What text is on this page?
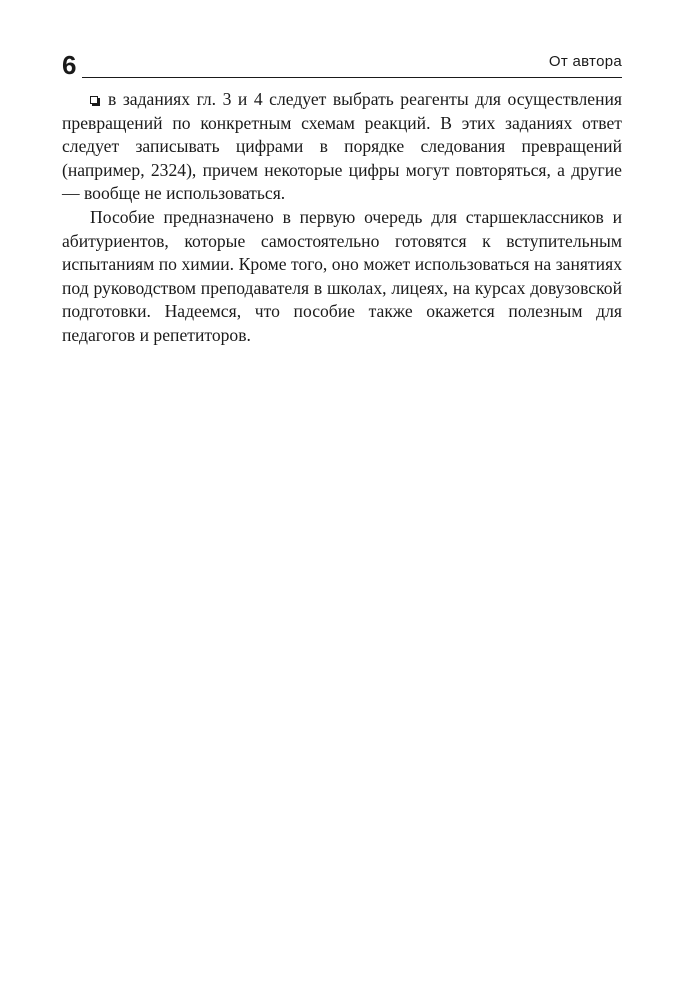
6	От автора

в заданиях гл. 3 и 4 следует выбрать реагенты для осуществления превращений по конкретным схемам реакций. В этих заданиях ответ следует записывать цифрами в порядке следования превращений (например, 2324), причем некоторые цифры могут повторяться, а другие — вообще не использоваться.

Пособие предназначено в первую очередь для старшеклассников и абитуриентов, которые самостоятельно готовятся к вступительным испытаниям по химии. Кроме того, оно может использоваться на занятиях под руководством преподавателя в школах, лицеях, на курсах довузовской подготовки. Надеемся, что пособие также окажется полезным для педагогов и репетиторов.
